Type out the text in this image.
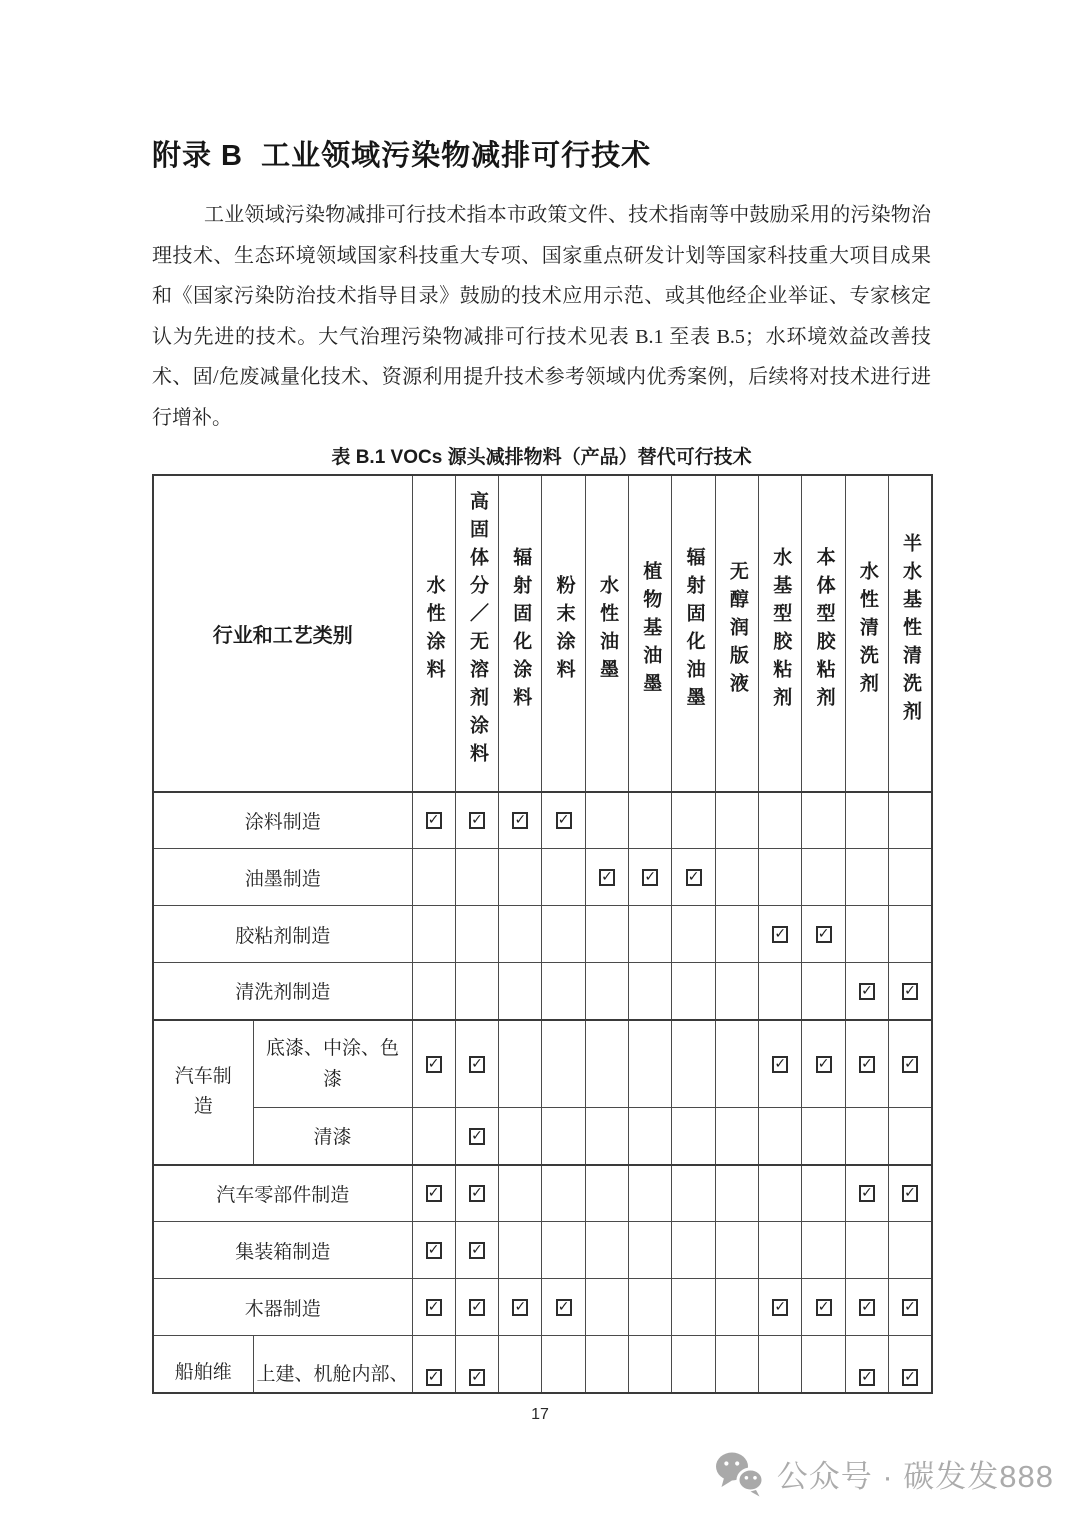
附录 B  工业领域污染物减排可行技术

工业领域污染物减排可行技术指本市政策文件、技术指南等中鼓励采用的污染物治理技术、生态环境领域国家科技重大专项、国家重点研发计划等国家科技重大项目成果和《国家污染防治技术指导目录》鼓励的技术应用示范、或其他经企业举证、专家核定认为先进的技术。大气治理污染物减排可行技术见表 B.1 至表 B.5；水环境效益改善技术、固/危废减量化技术、资源利用提升技术参考领域内优秀案例，后续将对技术进行进行增补。

表 B.1 VOCs 源头减排物料（产品）替代可行技术
行业和工艺类别		水性涂料	高固体分／无溶剂涂料	辐射固化涂料	粉末涂料	水性油墨	植物基油墨	辐射固化油墨	无醇润版液	水基型胶粘剂	本体型胶粘剂	水性清洗剂	半水基性清洗剂
涂料制造		✓	✓	✓	✓								
油墨制造						✓	✓	✓					
胶粘剂制造										✓	✓		
清洗剂制造												✓	✓
汽车制造	底漆、中涂、色漆	✓	✓							✓	✓	✓	✓
	清漆		✓										
汽车零部件制造		✓	✓									✓	✓
集装箱制造		✓	✓										
木器制造		✓	✓	✓	✓					✓	✓	✓	✓
船舶维	上建、机舱内部、	✓	✓									✓	✓
17
公众号 · 碳发发888
